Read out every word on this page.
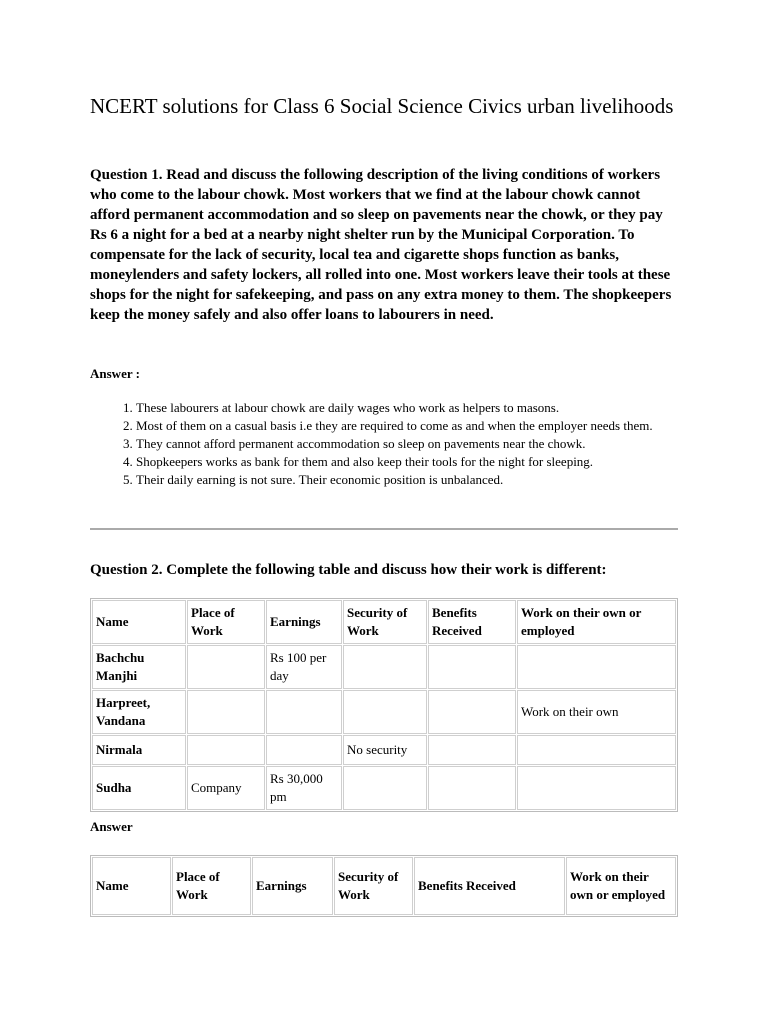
NCERT solutions for Class 6 Social Science Civics urban livelihoods

Question 1. Read and discuss the following description of the living conditions of workers who come to the labour chowk. Most workers that we find at the labour chowk cannot afford permanent accommodation and so sleep on pavements near the chowk, or they pay Rs 6 a night for a bed at a nearby night shelter run by the Municipal Corporation. To compensate for the lack of security, local tea and cigarette shops function as banks, moneylenders and safety lockers, all rolled into one. Most workers leave their tools at these shops for the night for safekeeping, and pass on any extra money to them. The shopkeepers keep the money safely and also offer loans to labourers in need.

Answer :

1. These labourers at labour chowk are daily wages who work as helpers to masons.
2. Most of them on a casual basis i.e they are required to come as and when the employer needs them.
3. They cannot afford permanent accommodation so sleep on pavements near the chowk.
4. Shopkeepers works as bank for them and also keep their tools for the night for sleeping.
5. Their daily earning is not sure. Their economic position is unbalanced.

Question 2. Complete the following table and discuss how their work is different:

Name	Place of Work	Earnings	Security of Work	Benefits Received	Work on their own or employed
Bachchu Manjhi		Rs 100 per day			
Harpreet, Vandana					Work on their own
Nirmala			No security		
Sudha	Company	Rs 30,000 pm			

Answer

Name	Place of Work	Earnings	Security of Work	Benefits Received	Work on their own or employed
